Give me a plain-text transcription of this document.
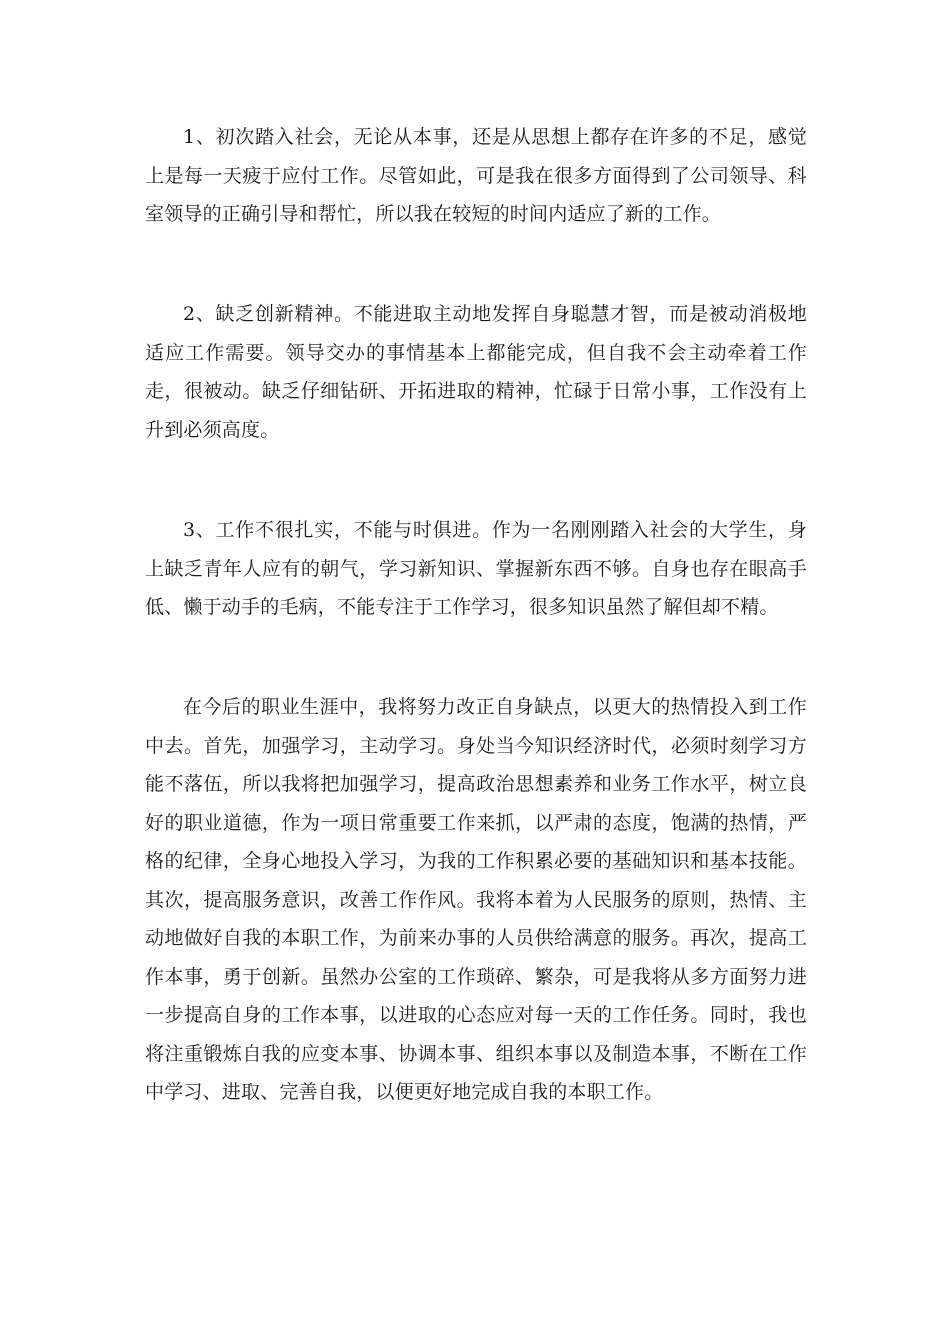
1、初次踏入社会，无论从本事，还是从思想上都存在许多的不足，感觉上是每一天疲于应付工作。尽管如此，可是我在很多方面得到了公司领导、科室领导的正确引导和帮忙，所以我在较短的时间内适应了新的工作。

2、缺乏创新精神。不能进取主动地发挥自身聪慧才智，而是被动消极地适应工作需要。领导交办的事情基本上都能完成，但自我不会主动牵着工作走，很被动。缺乏仔细钻研、开拓进取的精神，忙碌于日常小事，工作没有上升到必须高度。

3、工作不很扎实，不能与时俱进。作为一名刚刚踏入社会的大学生，身上缺乏青年人应有的朝气，学习新知识、掌握新东西不够。自身也存在眼高手低、懒于动手的毛病，不能专注于工作学习，很多知识虽然了解但却不精。

在今后的职业生涯中，我将努力改正自身缺点，以更大的热情投入到工作中去。首先，加强学习，主动学习。身处当今知识经济时代，必须时刻学习方能不落伍，所以我将把加强学习，提高政治思想素养和业务工作水平，树立良好的职业道德，作为一项日常重要工作来抓，以严肃的态度，饱满的热情，严格的纪律，全身心地投入学习，为我的工作积累必要的基础知识和基本技能。其次，提高服务意识，改善工作作风。我将本着为人民服务的原则，热情、主动地做好自我的本职工作，为前来办事的人员供给满意的服务。再次，提高工作本事，勇于创新。虽然办公室的工作琐碎、繁杂，可是我将从多方面努力进一步提高自身的工作本事，以进取的心态应对每一天的工作任务。同时，我也将注重锻炼自我的应变本事、协调本事、组织本事以及制造本事，不断在工作中学习、进取、完善自我，以便更好地完成自我的本职工作。
